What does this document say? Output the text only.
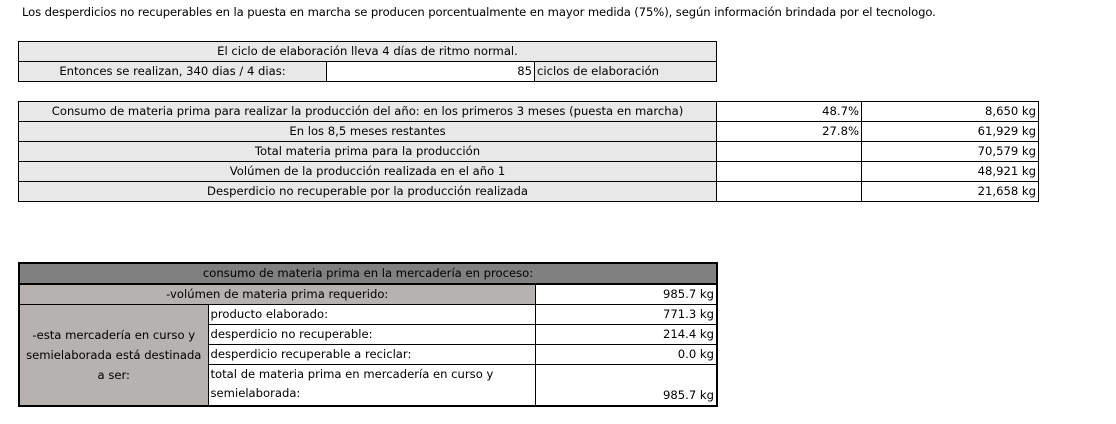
Los desperdicios no recuperables en la puesta en marcha se producen porcentualmente en mayor medida (75%), según información brindada por el tecnologo.
El ciclo de elaboración lleva 4 días de ritmo normal.
Entonces se realizan, 340 dias / 4 dias:	85	ciclos de elaboración
Consumo de materia prima para realizar la producción del año: en los primeros 3 meses (puesta en marcha)	48.7%	8,650 kg
En los 8,5 meses restantes	27.8%	61,929 kg
Total materia prima para la producción		70,579 kg
Volúmen de la producción realizada en el año 1		48,921 kg
Desperdicio no recuperable por la producción realizada		21,658 kg
consumo de materia prima en la mercadería en proceso:		
-volúmen de materia prima requerido:		985.7 kg
-esta mercadería en curso y semielaborada está destinada a ser:	producto elaborado:	771.3 kg
	desperdicio no recuperable:	214.4 kg
	desperdicio recuperable a reciclar:	0.0 kg
	total de materia prima en mercadería en curso y semielaborada:	985.7 kg
